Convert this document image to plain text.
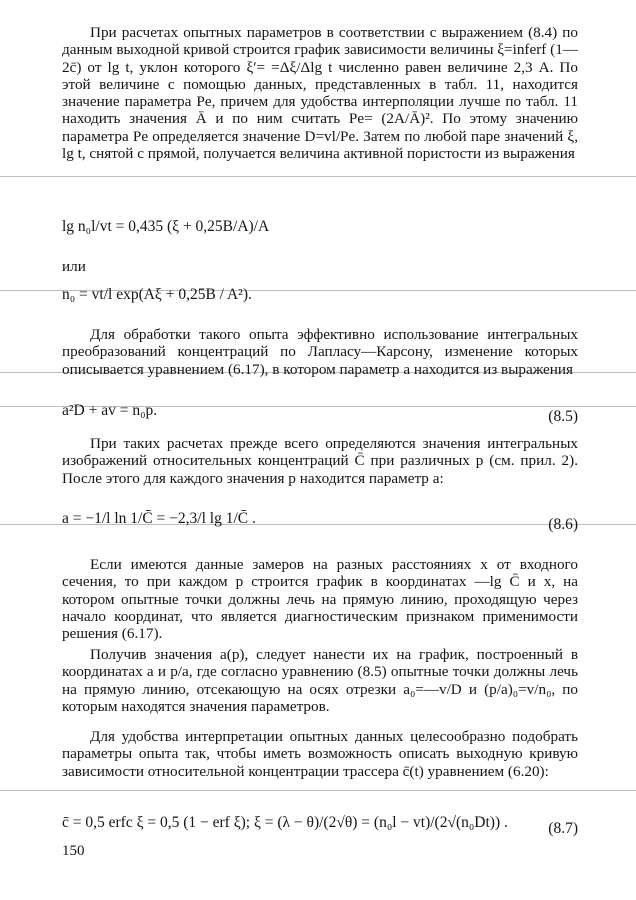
При расчетах опытных параметров в соответствии с выражением (8.4) по данным выходной кривой строится график зависимости величины ξ=inferf (1—2c̄) от lg t, уклон которого ξ′= =Δξ/Δlg t численно равен величине 2,3 A. По этой величине с помощью данных, представленных в табл. 11, находится значение параметра Pe, причем для удобства интерполяции лучше по табл. 11 находить значения Ā и по ним считать Pe= (2A/Ā)². По этому значению параметра Pe определяется значение D=vl/Pe. Затем по любой паре значений ξ, lg t, снятой с прямой, получается величина активной пористости из выражения

lg n₀l/vt = 0,435 (ξ + 0,25B/A)/A

или

n₀ = vt/l exp(Aξ + 0,25B / A²).

Для обработки такого опыта эффективно использование интегральных преобразований концентраций по Лапласу—Карсону, изменение которых описывается уравнением (6.17), в котором параметр a находится из выражения

a²D + av = n₀p.	(8.5)

При таких расчетах прежде всего определяются значения интегральных изображений относительных концентраций C̄ при различных p (см. прил. 2). После этого для каждого значения p находится параметр a:

a = −1/l ln 1/C̄ = −2,3/l lg 1/C̄ .	(8.6)

Если имеются данные замеров на разных расстояниях x от входного сечения, то при каждом p строится график в координатах —lg C̄ и x, на котором опытные точки должны лечь на прямую линию, проходящую через начало координат, что является диагностическим признаком применимости решения (6.17).

Получив значения a(p), следует нанести их на график, построенный в координатах a и p/a, где согласно уравнению (8.5) опытные точки должны лечь на прямую линию, отсекающую на осях отрезки a₀=—v/D и (p/a)₀=v/n₀, по которым находятся значения параметров.

Для удобства интерпретации опытных данных целесообразно подобрать параметры опыта так, чтобы иметь возможность описать выходную кривую зависимости относительной концентрации трассера c̄(t) уравнением (6.20):

c̄ = 0,5 erfc ξ = 0,5 (1 − erf ξ); ξ = (λ − θ)/(2√θ) = (n₀l − vt)/(2√(n₀Dt)) .	(8.7)
150
